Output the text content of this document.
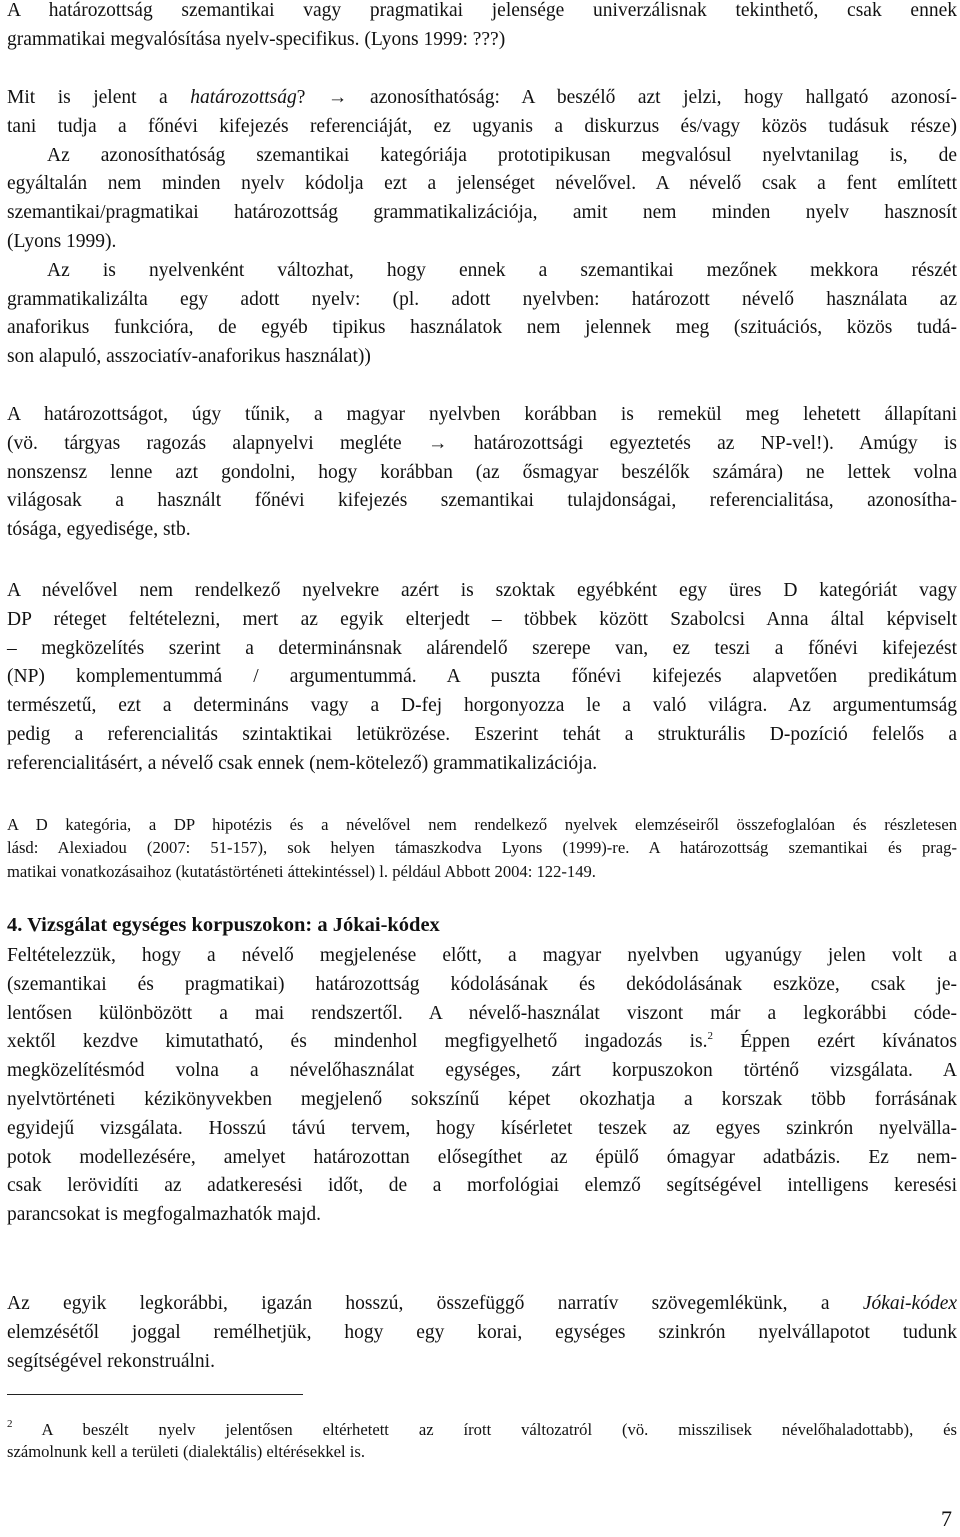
A határozottság szemantikai vagy pragmatikai jelensége univerzálisnak tekinthető, csak ennek
grammatikai megvalósítása nyelv-specifikus. (Lyons 1999: ???)
Mit is jelent a határozottság? → azonosíthatóság: A beszélő azt jelzi, hogy hallgató azonosí-
tani tudja a főnévi kifejezés referenciáját, ez ugyanis a diskurzus és/vagy közös tudásuk része)
Az azonosíthatóság szemantikai kategóriája prototipikusan megvalósul nyelvtanilag is, de
egyáltalán nem minden nyelv kódolja ezt a jelenséget névelővel. A névelő csak a fent említett
szemantikai/pragmatikai határozottság grammatikalizációja, amit nem minden nyelv hasznosít
(Lyons 1999).
Az is nyelvenként változhat, hogy ennek a szemantikai mezőnek mekkora részét
grammatikalizálta egy adott nyelv: (pl. adott nyelvben: határozott névelő használata az
anaforikus funkcióra, de egyéb tipikus használatok nem jelennek meg (szituációs, közös tudá-
son alapuló, asszociatív-anaforikus használat))
A határozottságot, úgy tűnik, a magyar nyelvben korábban is remekül meg lehetett állapítani
(vö. tárgyas ragozás alapnyelvi megléte → határozottsági egyeztetés az NP-vel!). Amúgy is
nonszensz lenne azt gondolni, hogy korábban (az ősmagyar beszélők számára) ne lettek volna
világosak a használt főnévi kifejezés szemantikai tulajdonságai, referencialitása, azonosítha-
tósága, egyedisége, stb.
A névelővel nem rendelkező nyelvekre azért is szoktak egyébként egy üres D kategóriát vagy
DP réteget feltételezni, mert az egyik elterjedt – többek között Szabolcsi Anna által képviselt
– megközelítés szerint a determinánsnak alárendelő szerepe van, ez teszi a főnévi kifejezést
(NP) komplementummá / argumentummá. A puszta főnévi kifejezés alapvetően predikátum
természetű, ezt a determináns vagy a D-fej horgonyozza le a való világra. Az argumentumság
pedig a referencialitás szintaktikai letükrözése. Eszerint tehát a strukturális D-pozíció felelős a
referencialitásért, a névelő csak ennek (nem-kötelező) grammatikalizációja.
A D kategória, a DP hipotézis és a névelővel nem rendelkező nyelvek elemzéseiről összefoglalóan és részletesen
lásd: Alexiadou (2007: 51-157), sok helyen támaszkodva Lyons (1999)-re. A határozottság szemantikai és prag-
matikai vonatkozásaihoz (kutatástörténeti áttekintéssel) l. például Abbott 2004: 122-149.
4. Vizsgálat egységes korpuszokon: a Jókai-kódex
Feltételezzük, hogy a névelő megjelenése előtt, a magyar nyelvben ugyanúgy jelen volt a
(szemantikai és pragmatikai) határozottság kódolásának és dekódolásának eszköze, csak je-
lentősen különbözött a mai rendszertől. A névelő-használat viszont már a legkorábbi códe-
xektől kezdve kimutatható, és mindenhol megfigyelhető ingadozás is.$^2$ Éppen ezért kívánatos
megközelítésmód volna a névelőhasználat egységes, zárt korpuszokon történő vizsgálata. A
nyelvtörténeti kézikönyvekben megjelenő sokszínű képet okozhatja a korszak több forrásának
egyidejű vizsgálata. Hosszú távú tervem, hogy kísérletet teszek az egyes szinkrón nyelvälla-
potok modellezésére, amelyet határozottan elősegíthet az épülő ómagyar adatbázis. Ez nem-
csak lerövidíti az adatkeresési időt, de a morfológiai elemző segítségével intelligens keresési
parancsokat is megfogalmazhatók majd.
Az egyik legkorábbi, igazán hosszú, összefüggő narratív szövegemlékünk, a Jókai-kódex
elemzésétől joggal remélhetjük, hogy egy korai, egységes szinkrón nyelvállapotot tudunk
segítségével rekonstruálni.
$^2$ A beszélt nyelv jelentősen eltérhetett az írott változatról (vö. misszilisek névelőhaladottabb), és
számolnunk kell a területi (dialektális) eltérésekkel is.
7
